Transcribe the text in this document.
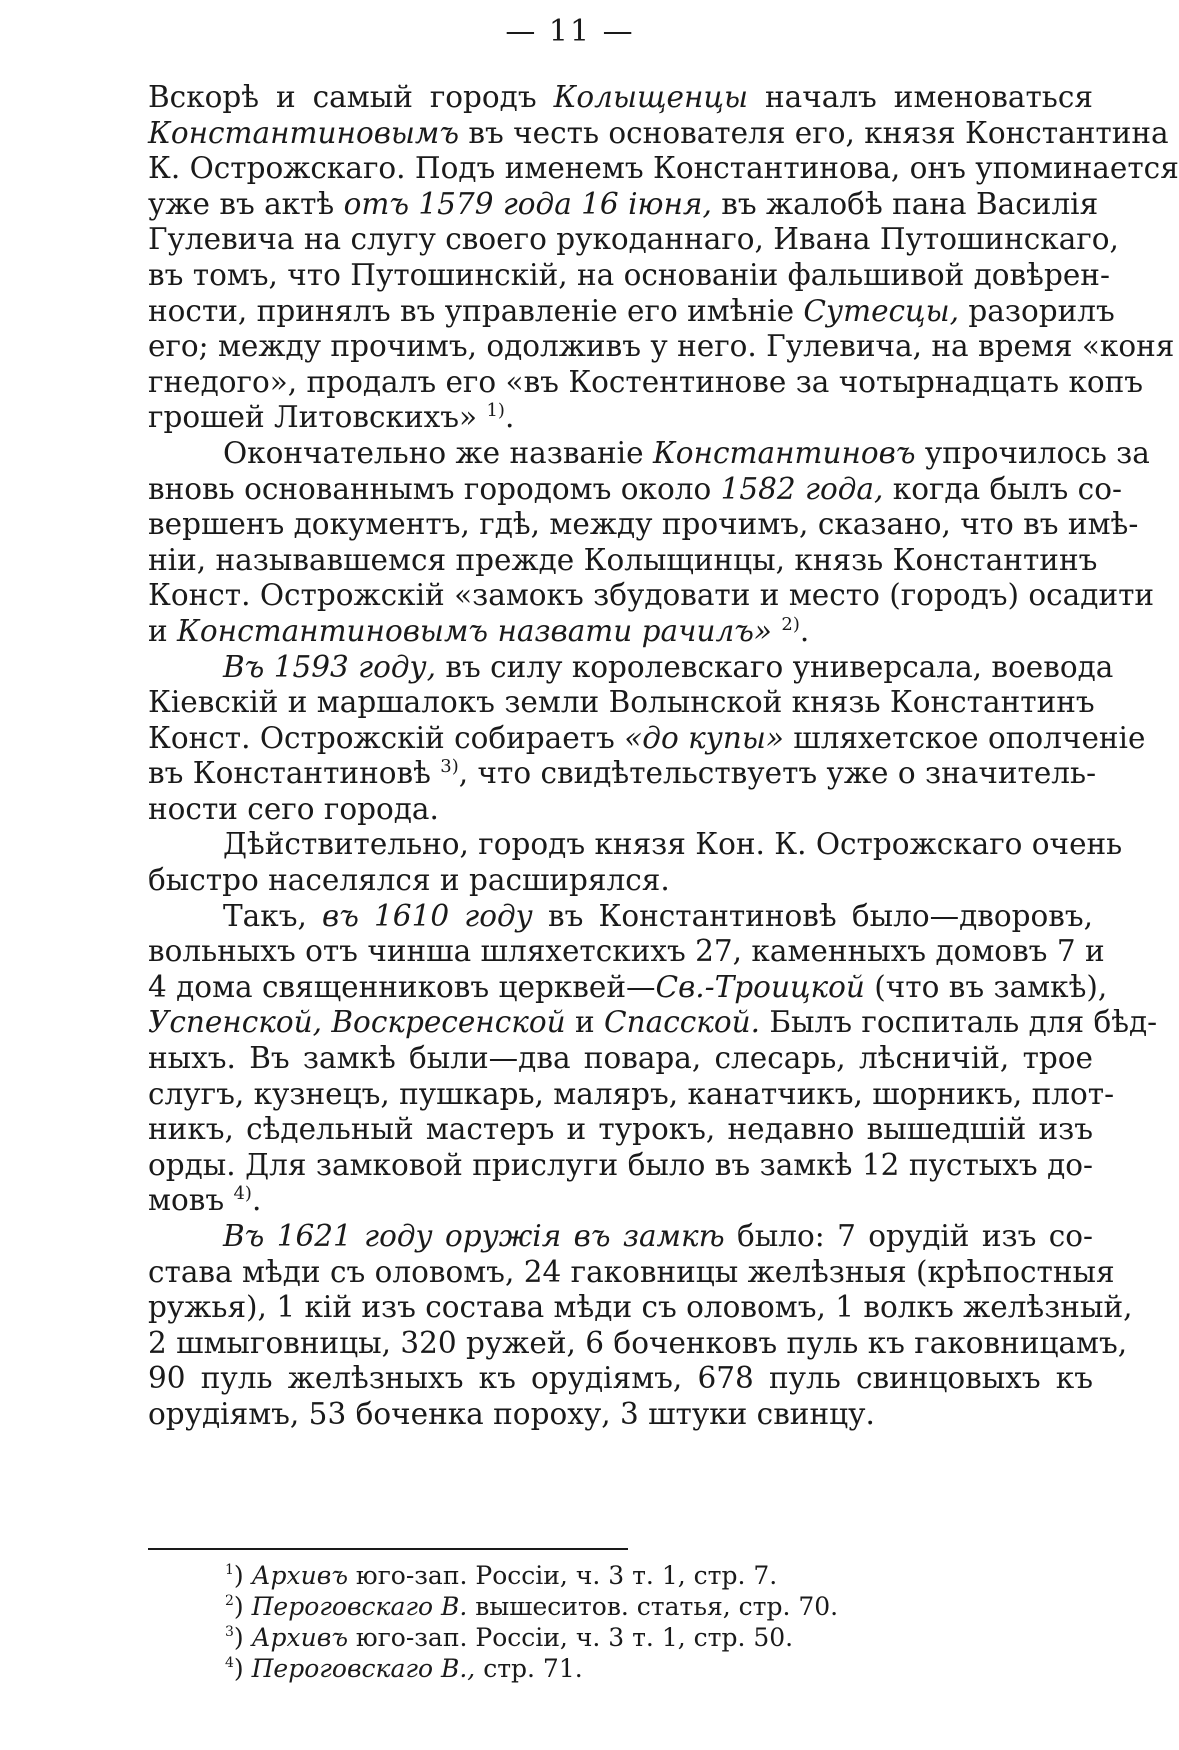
— 11 —
Вскорѣ и самый городъ Колыщенцы началъ именоваться
Константиновымъ въ честь основателя его, князя Константина
К. Острожскаго. Подъ именемъ Константинова, онъ упоминается
уже въ актѣ отъ 1579 года 16 іюня, въ жалобѣ пана Василія
Гулевича на слугу своего рукоданнаго, Ивана Путошинскаго,
въ томъ, что Путошинскій, на основаніи фальшивой довѣрен-
ности, принялъ въ управленіе его имѣніе Сутесцы, разорилъ
его; между прочимъ, одолживъ у него. Гулевича, на время «коня
гнедого», продалъ его «въ Костентинове за чотырнадцать копъ
грошей Литовскихъ» $^{1)}$.
Окончательно же названіе Константиновъ упрочилось за
вновь основаннымъ городомъ около 1582 года, когда былъ со-
вершенъ документъ, гдѣ, между прочимъ, сказано, что въ имѣ-
ніи, называвшемся прежде Колыщинцы, князь Константинъ
Конст. Острожскій «замокъ збудовати и место (городъ) осадити
и Константиновымъ назвати рачилъ» $^{2)}$.
Въ 1593 году, въ силу королевскаго универсала, воевода
Кіевскій и маршалокъ земли Волынской князь Константинъ
Конст. Острожскій собираетъ «до купы» шляхетское ополченіе
въ Константиновѣ $^{3)}$, что свидѣтельствуетъ уже о значитель-
ности сего города.
Дѣйствительно, городъ князя Кон. К. Острожскаго очень
быстро населялся и расширялся.
Такъ, въ 1610 году въ Константиновѣ было—дворовъ,
вольныхъ отъ чинша шляхетскихъ 27, каменныхъ домовъ 7 и
4 дома священниковъ церквей—Св.-Троицкой (что въ замкѣ),
Успенской, Воскресенской и Спасской. Былъ госпиталь для бѣд-
ныхъ. Въ замкѣ были—два повара, слесарь, лѣсничій, трое
слугъ, кузнецъ, пушкарь, маляръ, канатчикъ, шорникъ, плот-
никъ, сѣдельный мастеръ и турокъ, недавно вышедшій изъ
орды. Для замковой прислуги было въ замкѣ 12 пустыхъ до-
мовъ $^{4)}$.
Въ 1621 году оружія въ замкѣ было: 7 орудій изъ со-
става мѣди съ оловомъ, 24 гаковницы желѣзныя (крѣпостныя
ружья), 1 кій изъ состава мѣди съ оловомъ, 1 волкъ желѣзный,
2 шмыговницы, 320 ружей, 6 боченковъ пуль къ гаковницамъ,
90 пуль желѣзныхъ къ орудіямъ, 678 пуль свинцовыхъ къ
орудіямъ, 53 боченка пороху, 3 штуки свинцу.
$^1$) Архивъ юго-зап. Россіи, ч. 3 т. 1, стр. 7.
$^2$) Пероговскаго В. вышеситов. статья, стр. 70.
$^3$) Архивъ юго-зап. Россіи, ч. 3 т. 1, стр. 50.
$^4$) Пероговскаго В., стр. 71.
